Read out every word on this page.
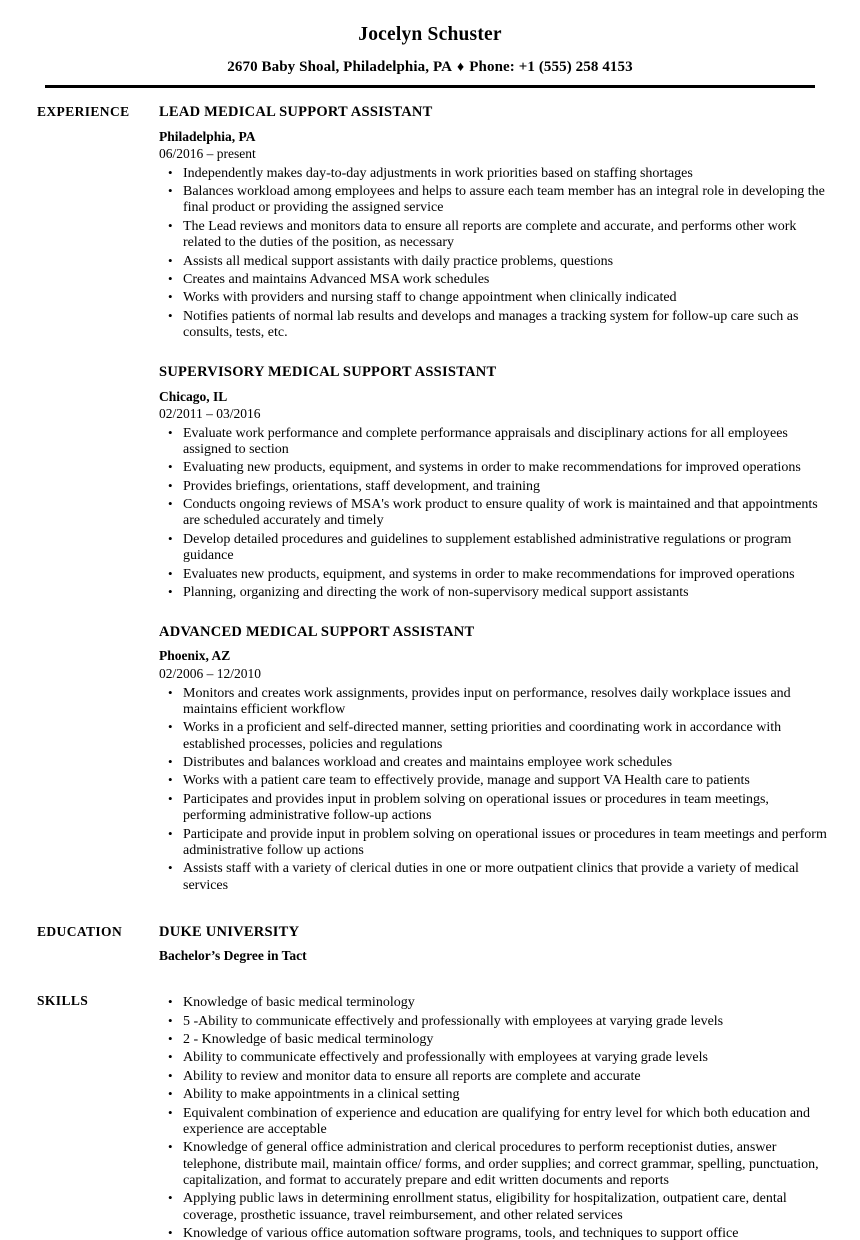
Jocelyn Schuster
2670 Baby Shoal, Philadelphia, PA ♦ Phone: +1 (555) 258 4153
EXPERIENCE	LEAD MEDICAL SUPPORT ASSISTANT
Philadelphia, PA
06/2016 – present
• Independently makes day-to-day adjustments in work priorities based on staffing shortages
• Balances workload among employees and helps to assure each team member has an integral role in developing the final product or providing the assigned service
• The Lead reviews and monitors data to ensure all reports are complete and accurate, and performs other work related to the duties of the position, as necessary
• Assists all medical support assistants with daily practice problems, questions
• Creates and maintains Advanced MSA work schedules
• Works with providers and nursing staff to change appointment when clinically indicated
• Notifies patients of normal lab results and develops and manages a tracking system for follow-up care such as consults, tests, etc.
SUPERVISORY MEDICAL SUPPORT ASSISTANT
Chicago, IL
02/2011 – 03/2016
• Evaluate work performance and complete performance appraisals and disciplinary actions for all employees assigned to section
• Evaluating new products, equipment, and systems in order to make recommendations for improved operations
• Provides briefings, orientations, staff development, and training
• Conducts ongoing reviews of MSA's work product to ensure quality of work is maintained and that appointments are scheduled accurately and timely
• Develop detailed procedures and guidelines to supplement established administrative regulations or program guidance
• Evaluates new products, equipment, and systems in order to make recommendations for improved operations
• Planning, organizing and directing the work of non-supervisory medical support assistants
ADVANCED MEDICAL SUPPORT ASSISTANT
Phoenix, AZ
02/2006 – 12/2010
• Monitors and creates work assignments, provides input on performance, resolves daily workplace issues and maintains efficient workflow
• Works in a proficient and self-directed manner, setting priorities and coordinating work in accordance with established processes, policies and regulations
• Distributes and balances workload and creates and maintains employee work schedules
• Works with a patient care team to effectively provide, manage and support VA Health care to patients
• Participates and provides input in problem solving on operational issues or procedures in team meetings, performing administrative follow-up actions
• Participate and provide input in problem solving on operational issues or procedures in team meetings and perform administrative follow up actions
• Assists staff with a variety of clerical duties in one or more outpatient clinics that provide a variety of medical services
EDUCATION	DUKE UNIVERSITY
Bachelor’s Degree in Tact
SKILLS	• Knowledge of basic medical terminology
• 5 -Ability to communicate effectively and professionally with employees at varying grade levels
• 2 - Knowledge of basic medical terminology
• Ability to communicate effectively and professionally with employees at varying grade levels
• Ability to review and monitor data to ensure all reports are complete and accurate
• Ability to make appointments in a clinical setting
• Equivalent combination of experience and education are qualifying for entry level for which both education and experience are acceptable
• Knowledge of general office administration and clerical procedures to perform receptionist duties, answer telephone, distribute mail, maintain office/ forms, and order supplies; and correct grammar, spelling, punctuation, capitalization, and format to accurately prepare and edit written documents and reports
• Applying public laws in determining enrollment status, eligibility for hospitalization, outpatient care, dental coverage, prosthetic issuance, travel reimbursement, and other related services
• Knowledge of various office automation software programs, tools, and techniques to support office
